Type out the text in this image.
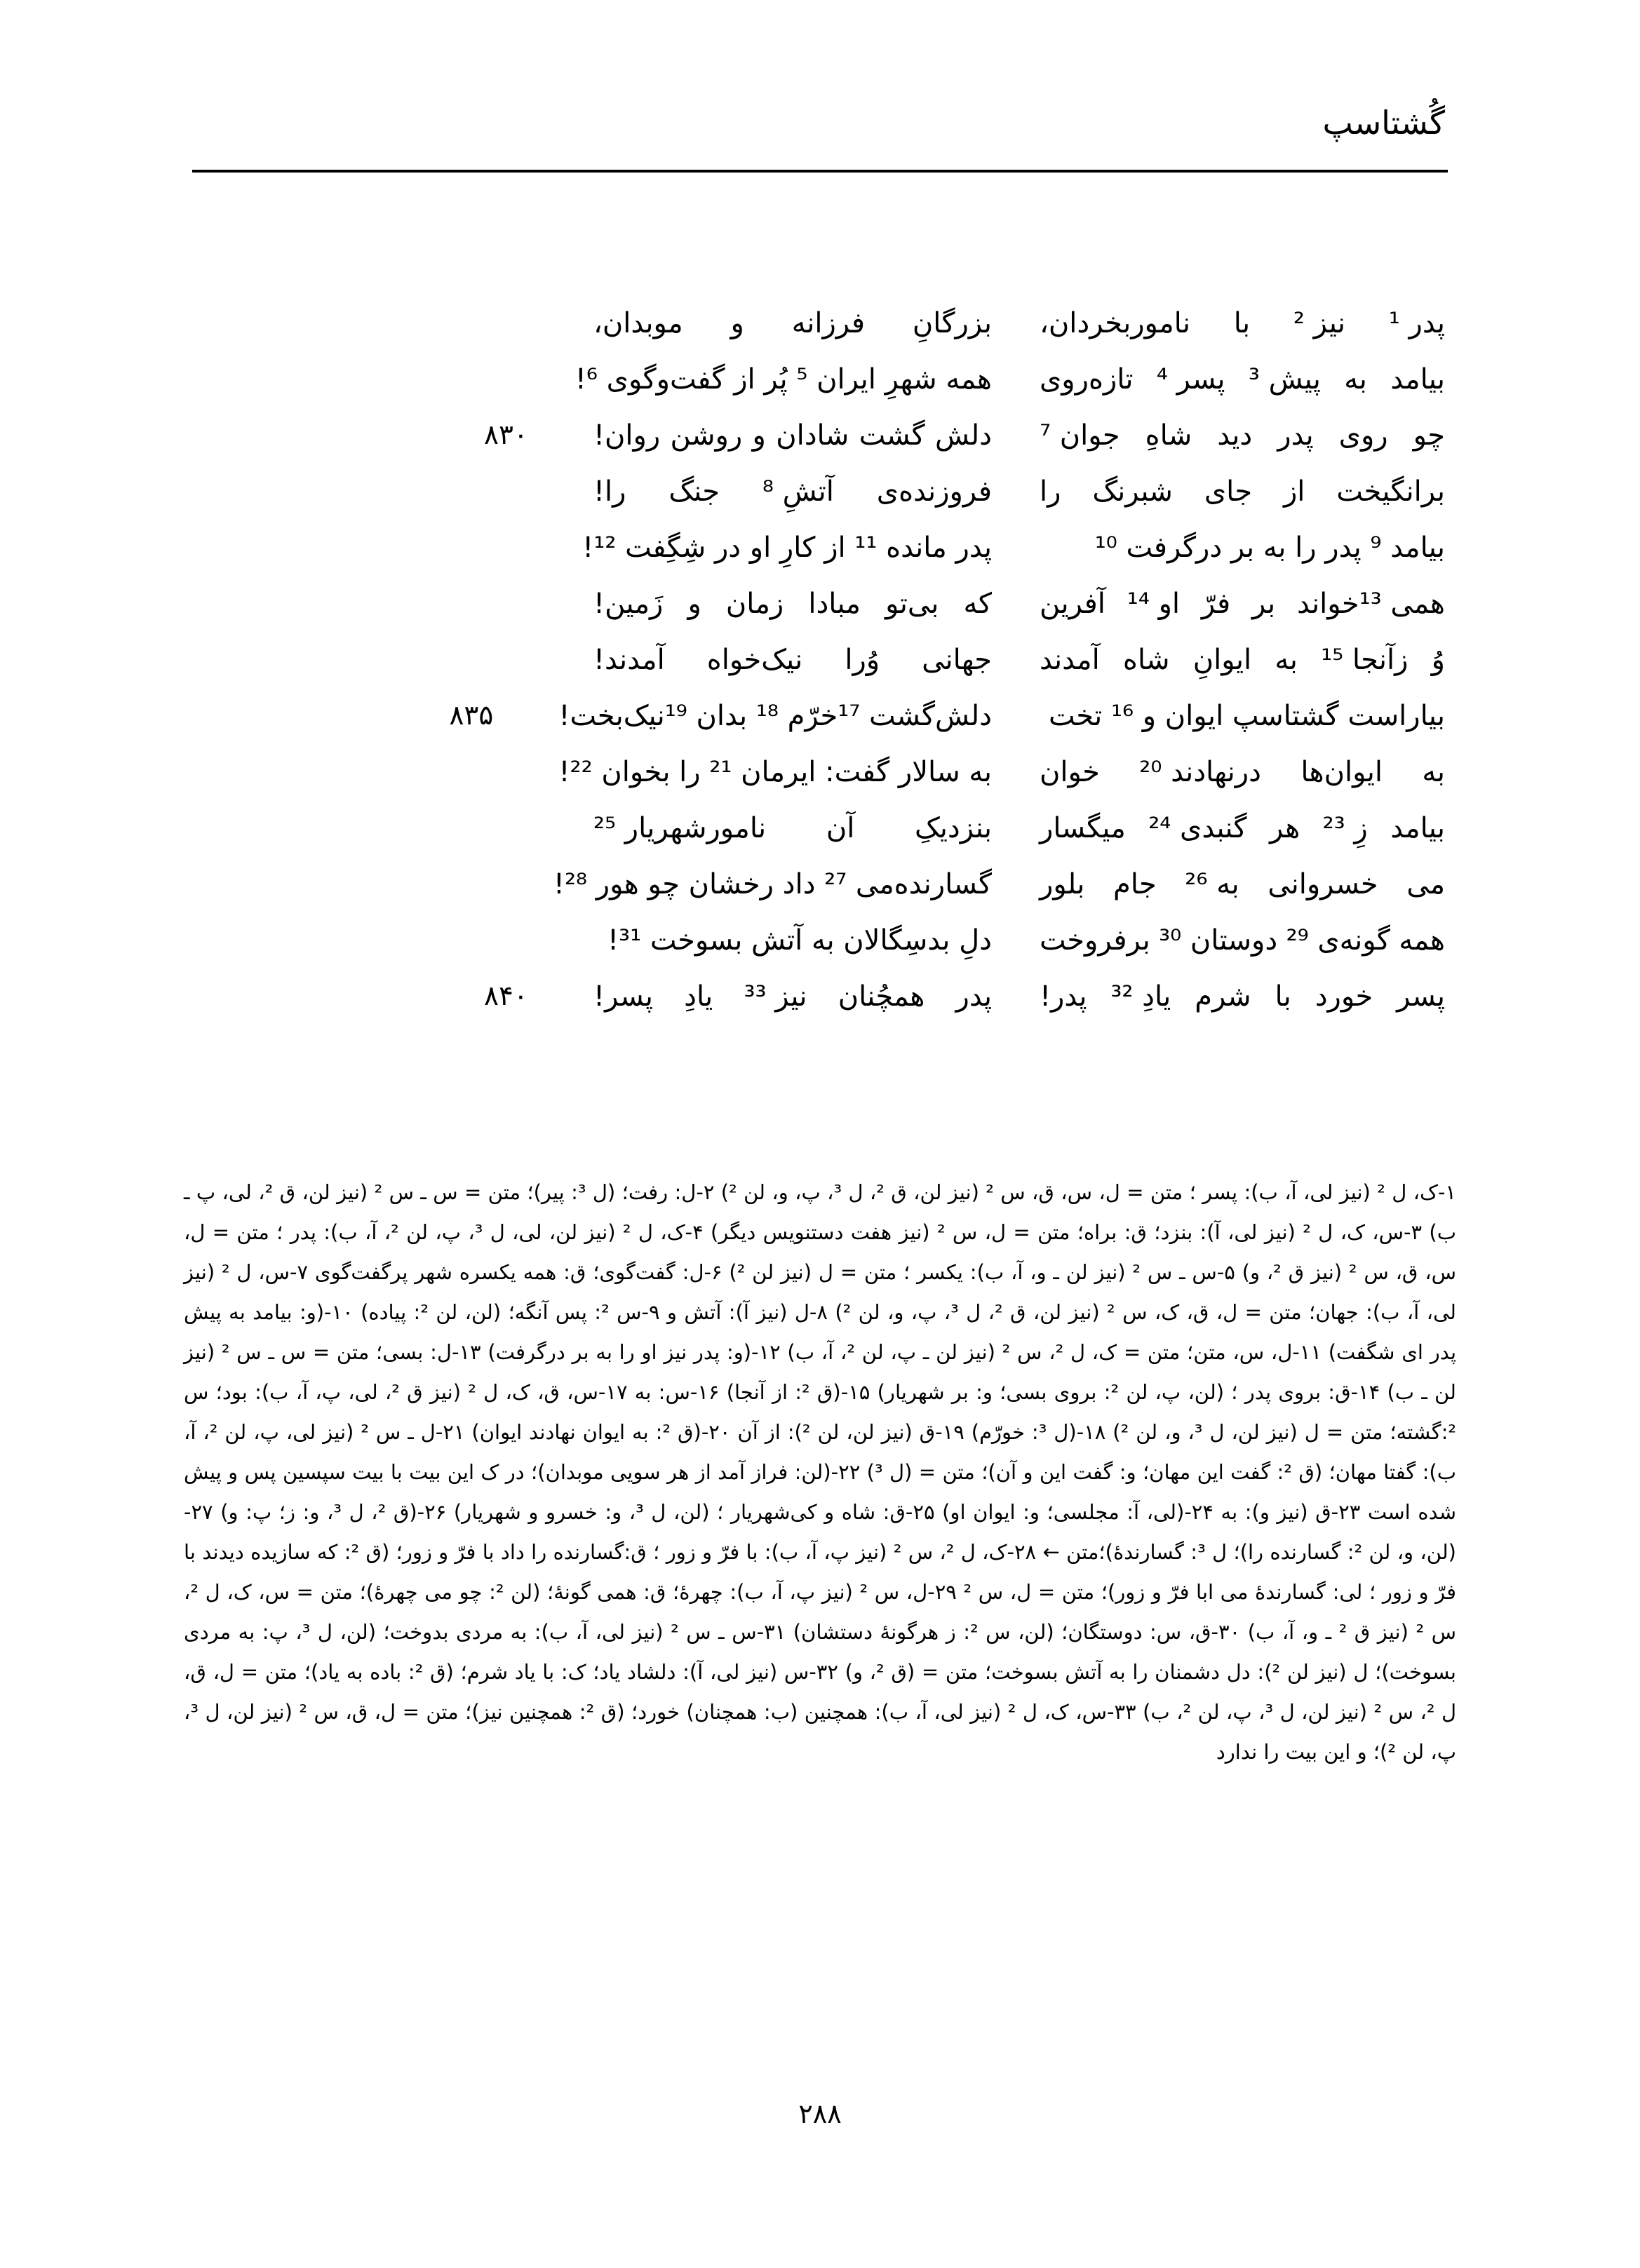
گُشتاسپ
پدر ¹
نیز ²
با
نامور‌بخردان،
بزرگانِ
فرزانه
و
موبدان،
بیامد
به
پیش ³
پسر ⁴
تازه‌روی
همه شهرِ ایران ⁵ پُر از گفت‌وگوی ⁶!
چو
روی
پدر
دید
شاهِ
جوان ⁷
دلش
گشت
شادان
و
روشن
روان!
۸۳۰
برانگیخت
از
جای
شبرنگ
را
فروزنده‌ی
آتشِ ⁸
جنگ
را!
بیامد ⁹ پدر را به بر درگرفت ¹⁰
پدر مانده ¹¹ از کارِ او در شِگِفت ¹²!
همی ¹³خواند
بر
فرّ
او ¹⁴
آفرین
که
بی‌تو
مبادا
زمان
و
زَمین!
وُ
زآنجا ¹⁵
به
ایوانِ
شاه
آمدند
جهانی
وُرا
نیک‌خواه
آمدند!
بیاراست گشتاسپ ایوان و ¹⁶ تخت
دلش‌گشت ¹⁷خرّم ¹⁸ بدان ¹⁹نیک‌بخت!
۸۳۵
به
ایوان‌ها
درنهادند ²⁰
خوان
به سالار گفت: ایرمان ²¹ را بخوان ²²!
بیامد
زِ ²³
هر
گنبدی ²⁴
میگسار
بنزدیکِ
آن
نامور‌شهریار ²⁵
می
خسروانی
به ²⁶
جام
بلور
گسارنده‌می ²⁷ داد رخشان چو هور ²⁸!
همه
گونه‌ی ²⁹
دوستان ³⁰
برفروخت
دلِ بدسِگالان به آتش بسوخت ³¹!
پسر
خورد
با
شرم
یادِ ³²
پدر!
پدر
همچُنان
نیز ³³
یادِ
پسر!
۸۴۰

۱-ک، ل ² (نیز لی، آ، ب): پسر ؛ متن = ل، س، ق، س ² (نیز لن، ق ²، ل ³، پ، و، لن ²) ۲-ل: رفت؛ (ل ³: پیر)؛ متن = س ـ س ² (نیز لن، ق ²، لی، پ ـ ب) ۳-س، ک، ل ² (نیز لی، آ): بنزد؛ ق: براه؛ متن = ل، س ² (نیز هفت دستنویس دیگر) ۴-ک، ل ² (نیز لن، لی، ل ³، پ، لن ²، آ، ب): پدر ؛ متن = ل، س، ق، س ² (نیز ق ²، و) ۵-س ـ س ² (نیز لن ـ و، آ، ب): یکسر ؛ متن = ل (نیز لن ²) ۶-ل: گفت‌گوی؛ ق: همه یکسره شهر پرگفت‌گوی ۷-س، ل ² (نیز لی، آ، ب): جهان؛ متن = ل، ق، ک، س ² (نیز لن، ق ²، ل ³، پ، و، لن ²) ۸-ل (نیز آ): آتش و ۹-س ²: پس آنگه؛ (لن، لن ²: پیاده) ۱۰-(و: بیامد به پیش پدر ای شگفت) ۱۱-ل، س، متن؛ متن = ک، ل ²، س ² (نیز لن ـ پ، لن ²، آ، ب) ۱۲-(و: پدر نیز او را به بر درگرفت) ۱۳-ل: بسی؛ متن = س ـ س ² (نیز لن ـ ب) ۱۴-ق: بروی پدر ؛ (لن، پ، لن ²: بروی بسی؛ و: بر شهریار) ۱۵-(ق ²: از آنجا) ۱۶-س: به ۱۷-س، ق، ک، ل ² (نیز ق ²، لی، پ، آ، ب): بود؛ س ²:گشته؛ متن = ل (نیز لن، ل ³، و، لن ²) ۱۸-(ل ³: خورّم) ۱۹-ق (نیز لن، لن ²): از آن ۲۰-(ق ²: به ایوان نهادند ایوان) ۲۱-ل ـ س ² (نیز لی، پ، لن ²، آ، ب): گفتا مهان؛ (ق ²: گفت این مهان؛ و: گفت این و آن)؛ متن = (ل ³) ۲۲-(لن: فراز آمد از هر سویی موبدان)؛ در ک این بیت با بیت سپسین پس و پیش شده است ۲۳-ق (نیز و): به ۲۴-(لی، آ: مجلسی؛ و: ایوان او) ۲۵-ق: شاه و کی‌شهریار ؛ (لن، ل ³، و: خسرو و شهریار) ۲۶-(ق ²، ل ³، و: ز؛ پ: و) ۲۷-(لن، و، لن ²: گسارنده را)؛ ل ³: گسارندهٔ)؛متن ← ۲۸-ک، ل ²، س ² (نیز پ، آ، ب): با فرّ و زور ؛ ق:گسارنده را داد با فرّ و زور؛ (ق ²: که سازیده دیدند با فرّ و زور ؛ لی: گسارندهٔ می ابا فرّ و زور)؛ متن = ل، س ² ۲۹-ل، س ² (نیز پ، آ، ب): چهرهٔ؛ ق: همی گونهٔ؛ (لن ²: چو می چهرهٔ)؛ متن = س، ک، ل ²، س ² (نیز ق ² ـ و، آ، ب) ۳۰-ق، س: دوستگان؛ (لن، س ²: ز هرگونهٔ دستشان) ۳۱-س ـ س ² (نیز لی، آ، ب): به مردی بدوخت؛ (لن، ل ³، پ: به مردی بسوخت)؛ ل (نیز لن ²): دل دشمنان را به آتش بسوخت؛ متن = (ق ²، و) ۳۲-س (نیز لی، آ): دلشاد یاد؛ ک: با یاد شرم؛ (ق ²: باده به یاد)؛ متن = ل، ق، ل ²، س ² (نیز لن، ل ³، پ، لن ²، ب) ۳۳-س، ک، ل ² (نیز لی، آ، ب): همچنین (ب: همچنان) خورد؛ (ق ²: همچنین نیز)؛ متن = ل، ق، س ² (نیز لن، ل ³، پ، لن ²)؛ و این بیت را ندارد

۲۸۸
